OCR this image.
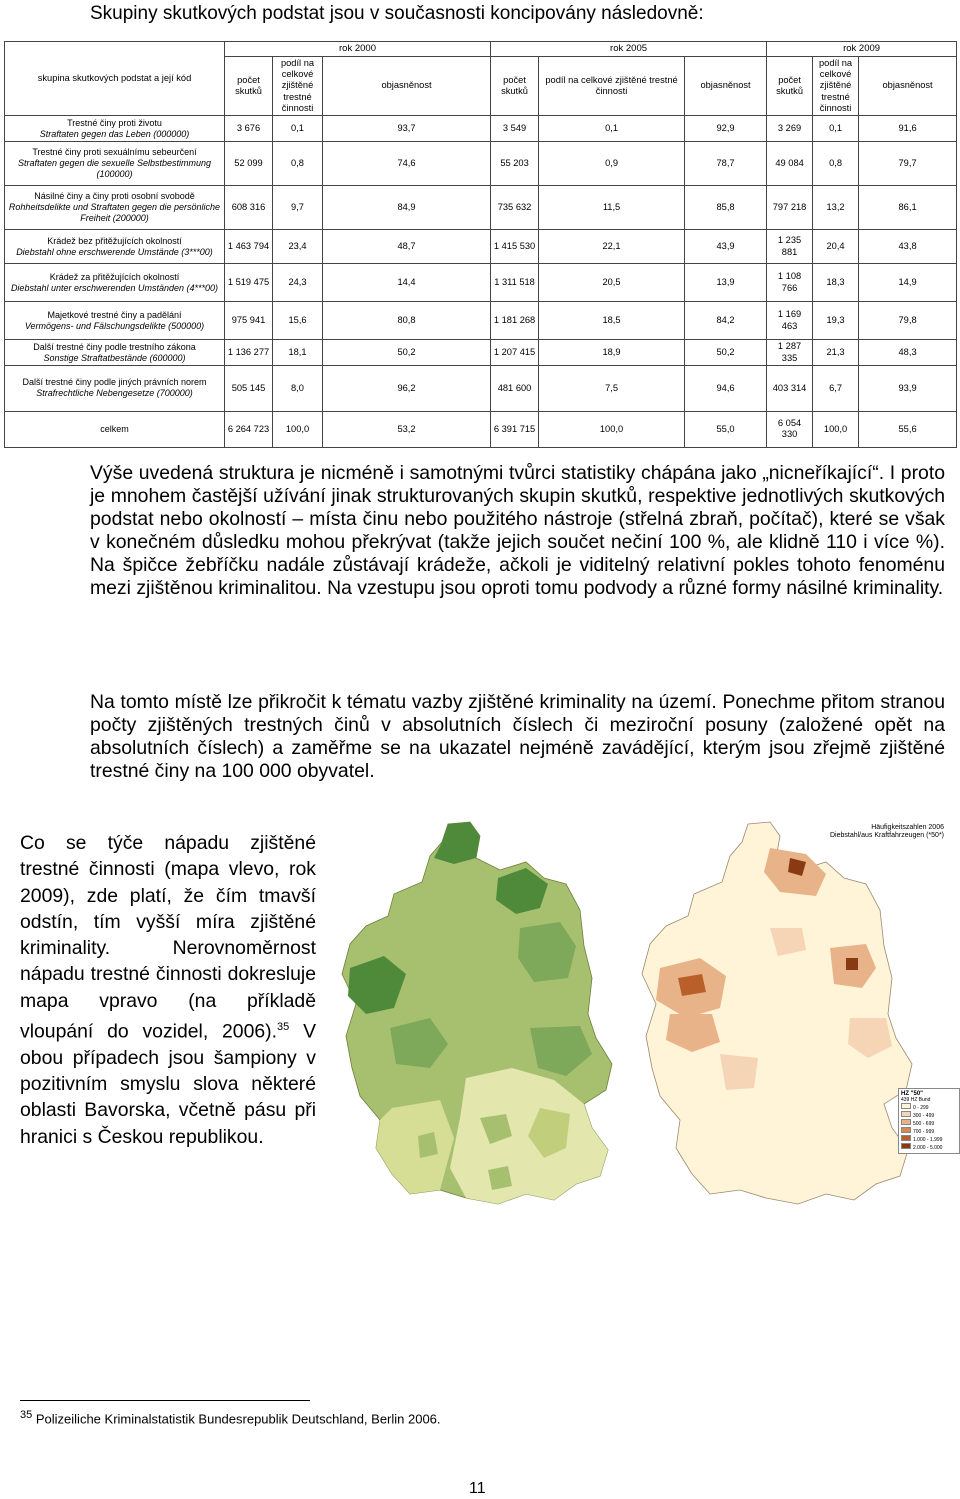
Skupiny skutkových podstat jsou v současnosti koncipovány následovně:
skupina skutkových podstat a její kód	rok 2000			rok 2005			rok 2009		
	počet skutků	podíl na celkové zjištěné trestné činnosti	objasněnost	počet skutků	podíl na celkové zjištěné trestné činnosti	objasněnost	počet skutků	podíl na celkové zjištěné trestné činnosti	objasněnost

Trestné činy proti životu
Straftaten gegen das Leben (000000)	3 676	0,1	93,7	3 549	0,1	92,9	3 269	0,1	91,6

Trestné činy proti sexuálnímu sebeurčení
Straftaten gegen die sexuelle Selbstbestimmung (100000)	52 099	0,8	74,6	55 203	0,9	78,7	49 084	0,8	79,7

Násilné činy a činy proti osobní svobodě
Rohheitsdelikte und Straftaten gegen die persönliche Freiheit (200000)	608 316	9,7	84,9	735 632	11,5	85,8	797 218	13,2	86,1

Krádež bez přitěžujících okolností
Diebstahl ohne erschwerende Umstände (3***00)	1 463 794	23,4	48,7	1 415 530	22,1	43,9	1 235 881	20,4	43,8

Krádež za přitěžujících okolností
Diebstahl unter erschwerenden Umständen (4***00)	1 519 475	24,3	14,4	1 311 518	20,5	13,9	1 108 766	18,3	14,9

Majetkové trestné činy a padělání
Vermögens- und Fälschungsdelikte (500000)	975 941	15,6	80,8	1 181 268	18,5	84,2	1 169 463	19,3	79,8

Další trestné činy podle trestního zákona
Sonstige Straftatbestände (600000)	1 136 277	18,1	50,2	1 207 415	18,9	50,2	1 287 335	21,3	48,3

Další trestné činy podle jiných právních norem
Strafrechtliche Nebengesetze (700000)	505 145	8,0	96,2	481 600	7,5	94,6	403 314	6,7	93,9

celkem	6 264 723	100,0	53,2	6 391 715	100,0	55,0	6 054 330	100,0	55,6

Výše uvedená struktura je nicméně i samotnými tvůrci statistiky chápána jako „nicneříkající“. I proto je mnohem častější užívání jinak strukturovaných skupin skutků, respektive jednotlivých skutkových podstat nebo okolností – místa činu nebo použitého nástroje (střelná zbraň, počítač), které se však v konečném důsledku mohou překrývat (takže jejich součet nečiní 100 %, ale klidně 110 i více %). Na špičce žebříčku nadále zůstávají krádeže, ačkoli je viditelný relativní pokles tohoto fenoménu mezi zjištěnou kriminalitou. Na vzestupu jsou oproti tomu podvody a různé formy násilné kriminality.

Na tomto místě lze přikročit k tématu vazby zjištěné kriminality na území. Ponechme přitom stranou počty zjištěných trestných činů v absolutních číslech či meziroční posuny (založené opět na absolutních číslech) a zaměřme se na ukazatel nejméně zavádějící, kterým jsou zřejmě zjištěné trestné činy na 100 000 obyvatel.

Co se týče nápadu zjištěné trestné činnosti (mapa vlevo, rok 2009), zde platí, že čím tmavší odstín, tím vyšší míra zjištěné kriminality. Nerovnoměrnost nápadu trestné činnosti dokresluje mapa vpravo (na příkladě vloupání do vozidel, 2006).$^{35}$ V obou případech jsou šampiony v pozitivním smyslu slova některé oblasti Bavorska, včetně pásu při hranici s Českou republikou.

Häufigkeitszahlen 2006
Diebstahl/aus Kraftfahrzeugen (*50*)
HZ "50"
439 HZ Bund
0 - 299
300 - 499
500 - 699
700 - 999
1.000 - 1.999
2.000 - 5.000
$^{35}$ Polizeiliche Kriminalstatistik Bundesrepublik Deutschland, Berlin 2006.
11
